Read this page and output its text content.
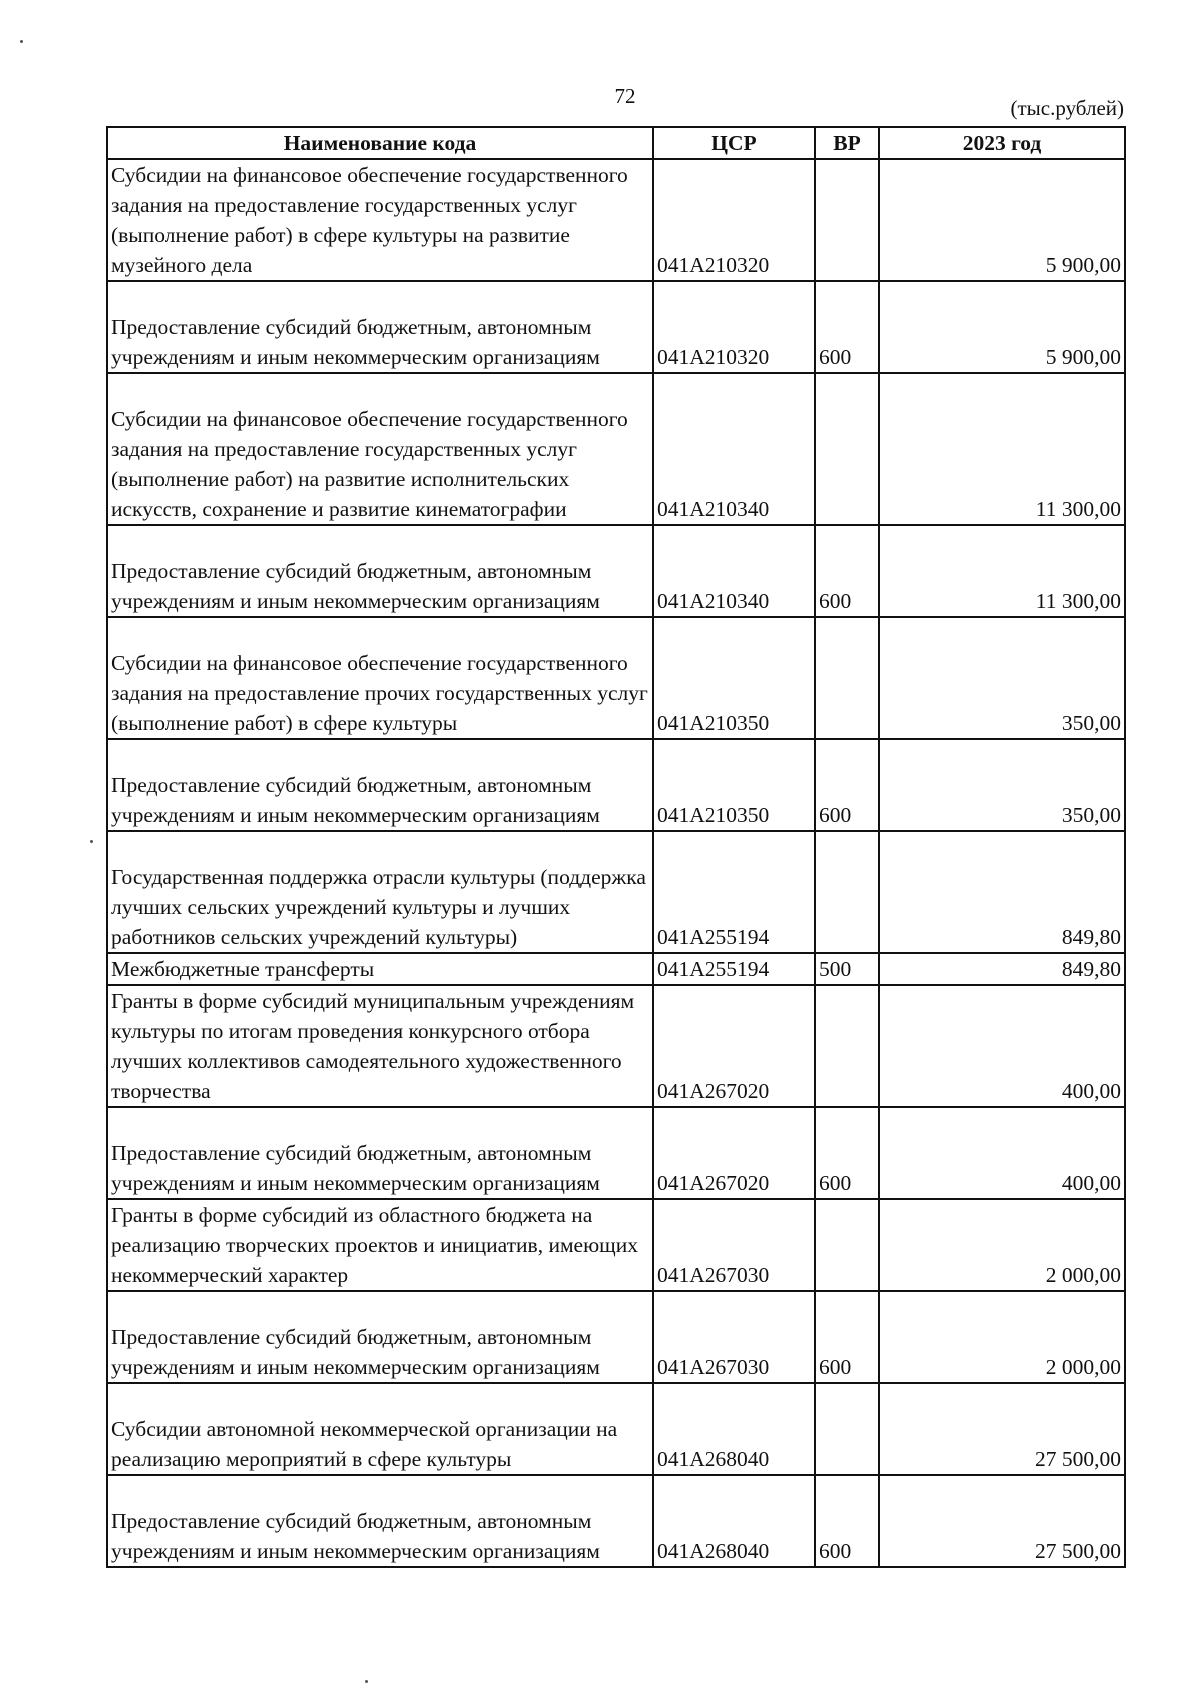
72	(тыс.рублей)
Наименование кода	ЦСР	ВР	2023 год
Субсидии на финансовое обеспечение государственного задания на предоставление государственных услуг (выполнение работ) в сфере культуры на развитие музейного дела	041А210320		5 900,00
Предоставление субсидий бюджетным, автономным учреждениям и иным некоммерческим организациям	041А210320	600	5 900,00
Субсидии на финансовое обеспечение государственного задания на предоставление государственных услуг (выполнение работ) на развитие исполнительских искусств, сохранение и развитие кинематографии	041А210340		11 300,00
Предоставление субсидий бюджетным, автономным учреждениям и иным некоммерческим организациям	041А210340	600	11 300,00
Субсидии на финансовое обеспечение государственного задания на предоставление прочих государственных услуг (выполнение работ) в сфере культуры	041А210350		350,00
Предоставление субсидий бюджетным, автономным учреждениям и иным некоммерческим организациям	041А210350	600	350,00
Государственная поддержка отрасли культуры (поддержка лучших сельских учреждений культуры и лучших работников сельских учреждений культуры)	041А255194		849,80
Межбюджетные трансферты	041А255194	500	849,80
Гранты в форме субсидий муниципальным учреждениям культуры по итогам проведения конкурсного отбора лучших коллективов самодеятельного художественного творчества	041А267020		400,00
Предоставление субсидий бюджетным, автономным учреждениям и иным некоммерческим организациям	041А267020	600	400,00
Гранты в форме субсидий из областного бюджета на реализацию творческих проектов и инициатив, имеющих некоммерческий характер	041А267030		2 000,00
Предоставление субсидий бюджетным, автономным учреждениям и иным некоммерческим организациям	041А267030	600	2 000,00
Субсидии автономной некоммерческой организации на реализацию мероприятий в сфере культуры	041А268040		27 500,00
Предоставление субсидий бюджетным, автономным учреждениям и иным некоммерческим организациям	041А268040	600	27 500,00
